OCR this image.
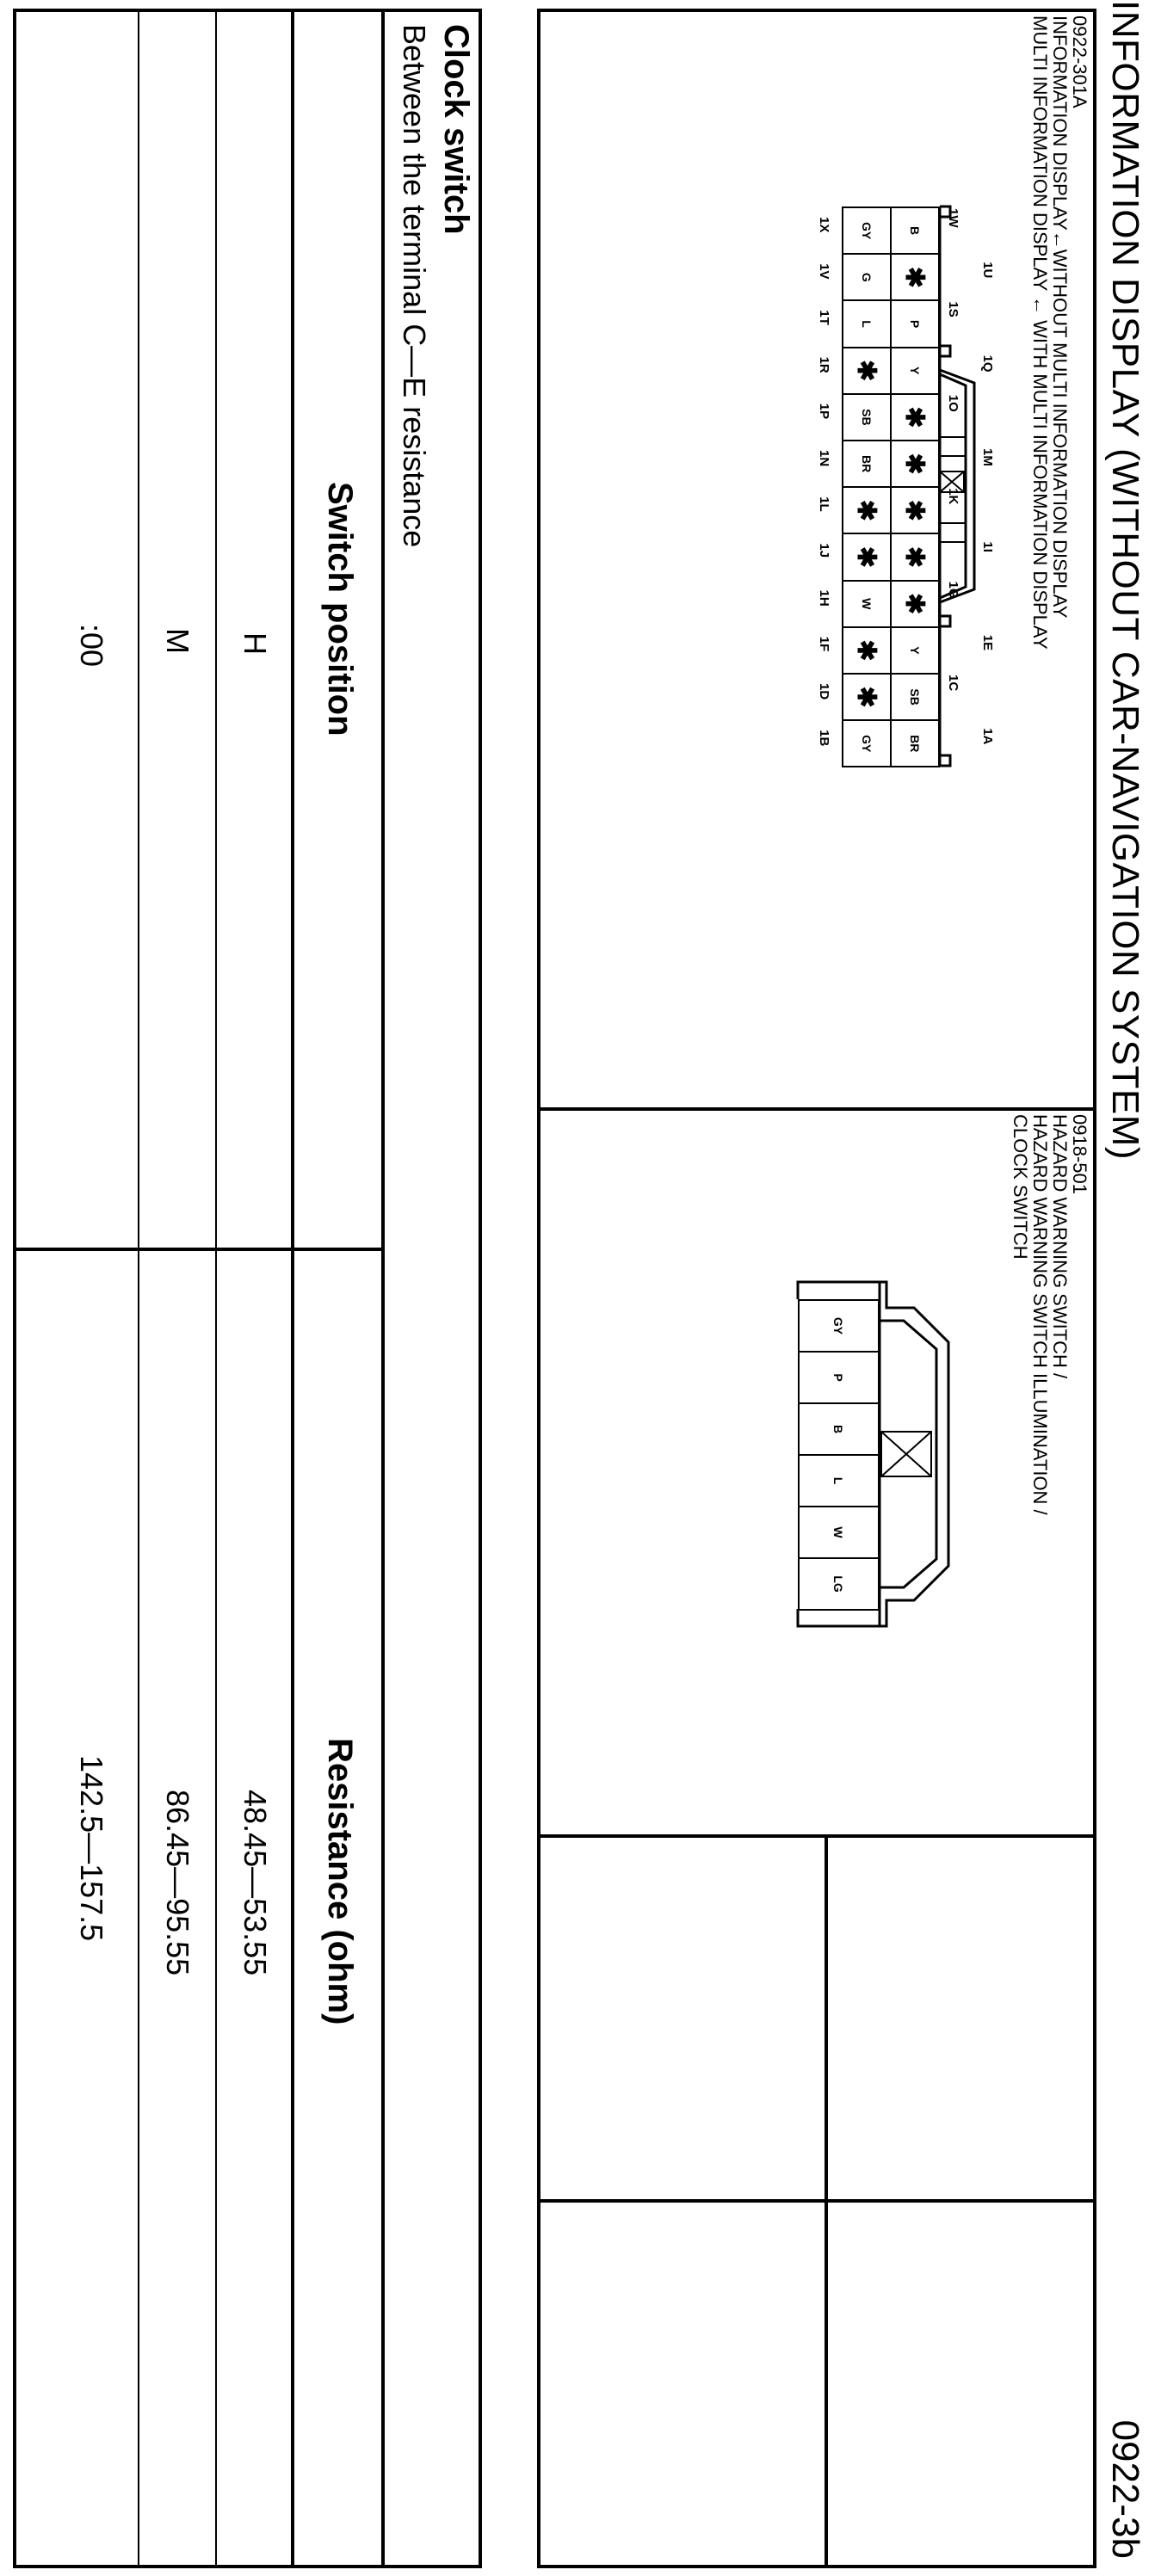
INFORMATION DISPLAY (WITHOUT CAR-NAVIGATION SYSTEM)
0922-3b
0922-301A
INFORMATION DISPLAY←WITHOUT MULTI INFORMATION DISPLAY
MULTI INFORMATION DISPLAY ← WITH MULTI INFORMATION DISPLAY
1W
1U
1S
1Q
1O
1M
1K
1I
1G
1E
1C
1A
B
✱
P
Y
✱
✱
✱
✱
✱
Y
SB
BR
GY
G
L
✱
SB
BR
✱
✱
W
✱
✱
GY
1X
1V
1T
1R
1P
1N
1L
1J
1H
1F
1D
1B
0918-501
HAZARD WARNING SWITCH /
HAZARD WARNING SWITCH ILLUMINATION /
CLOCK SWITCH
GY
P
B
L
W
LG
Clock switch
Between the terminal C—E resistance
Switch position
Resistance (ohm)
H
48.45—53.55
M
86.45—95.55
:00
142.5—157.5
